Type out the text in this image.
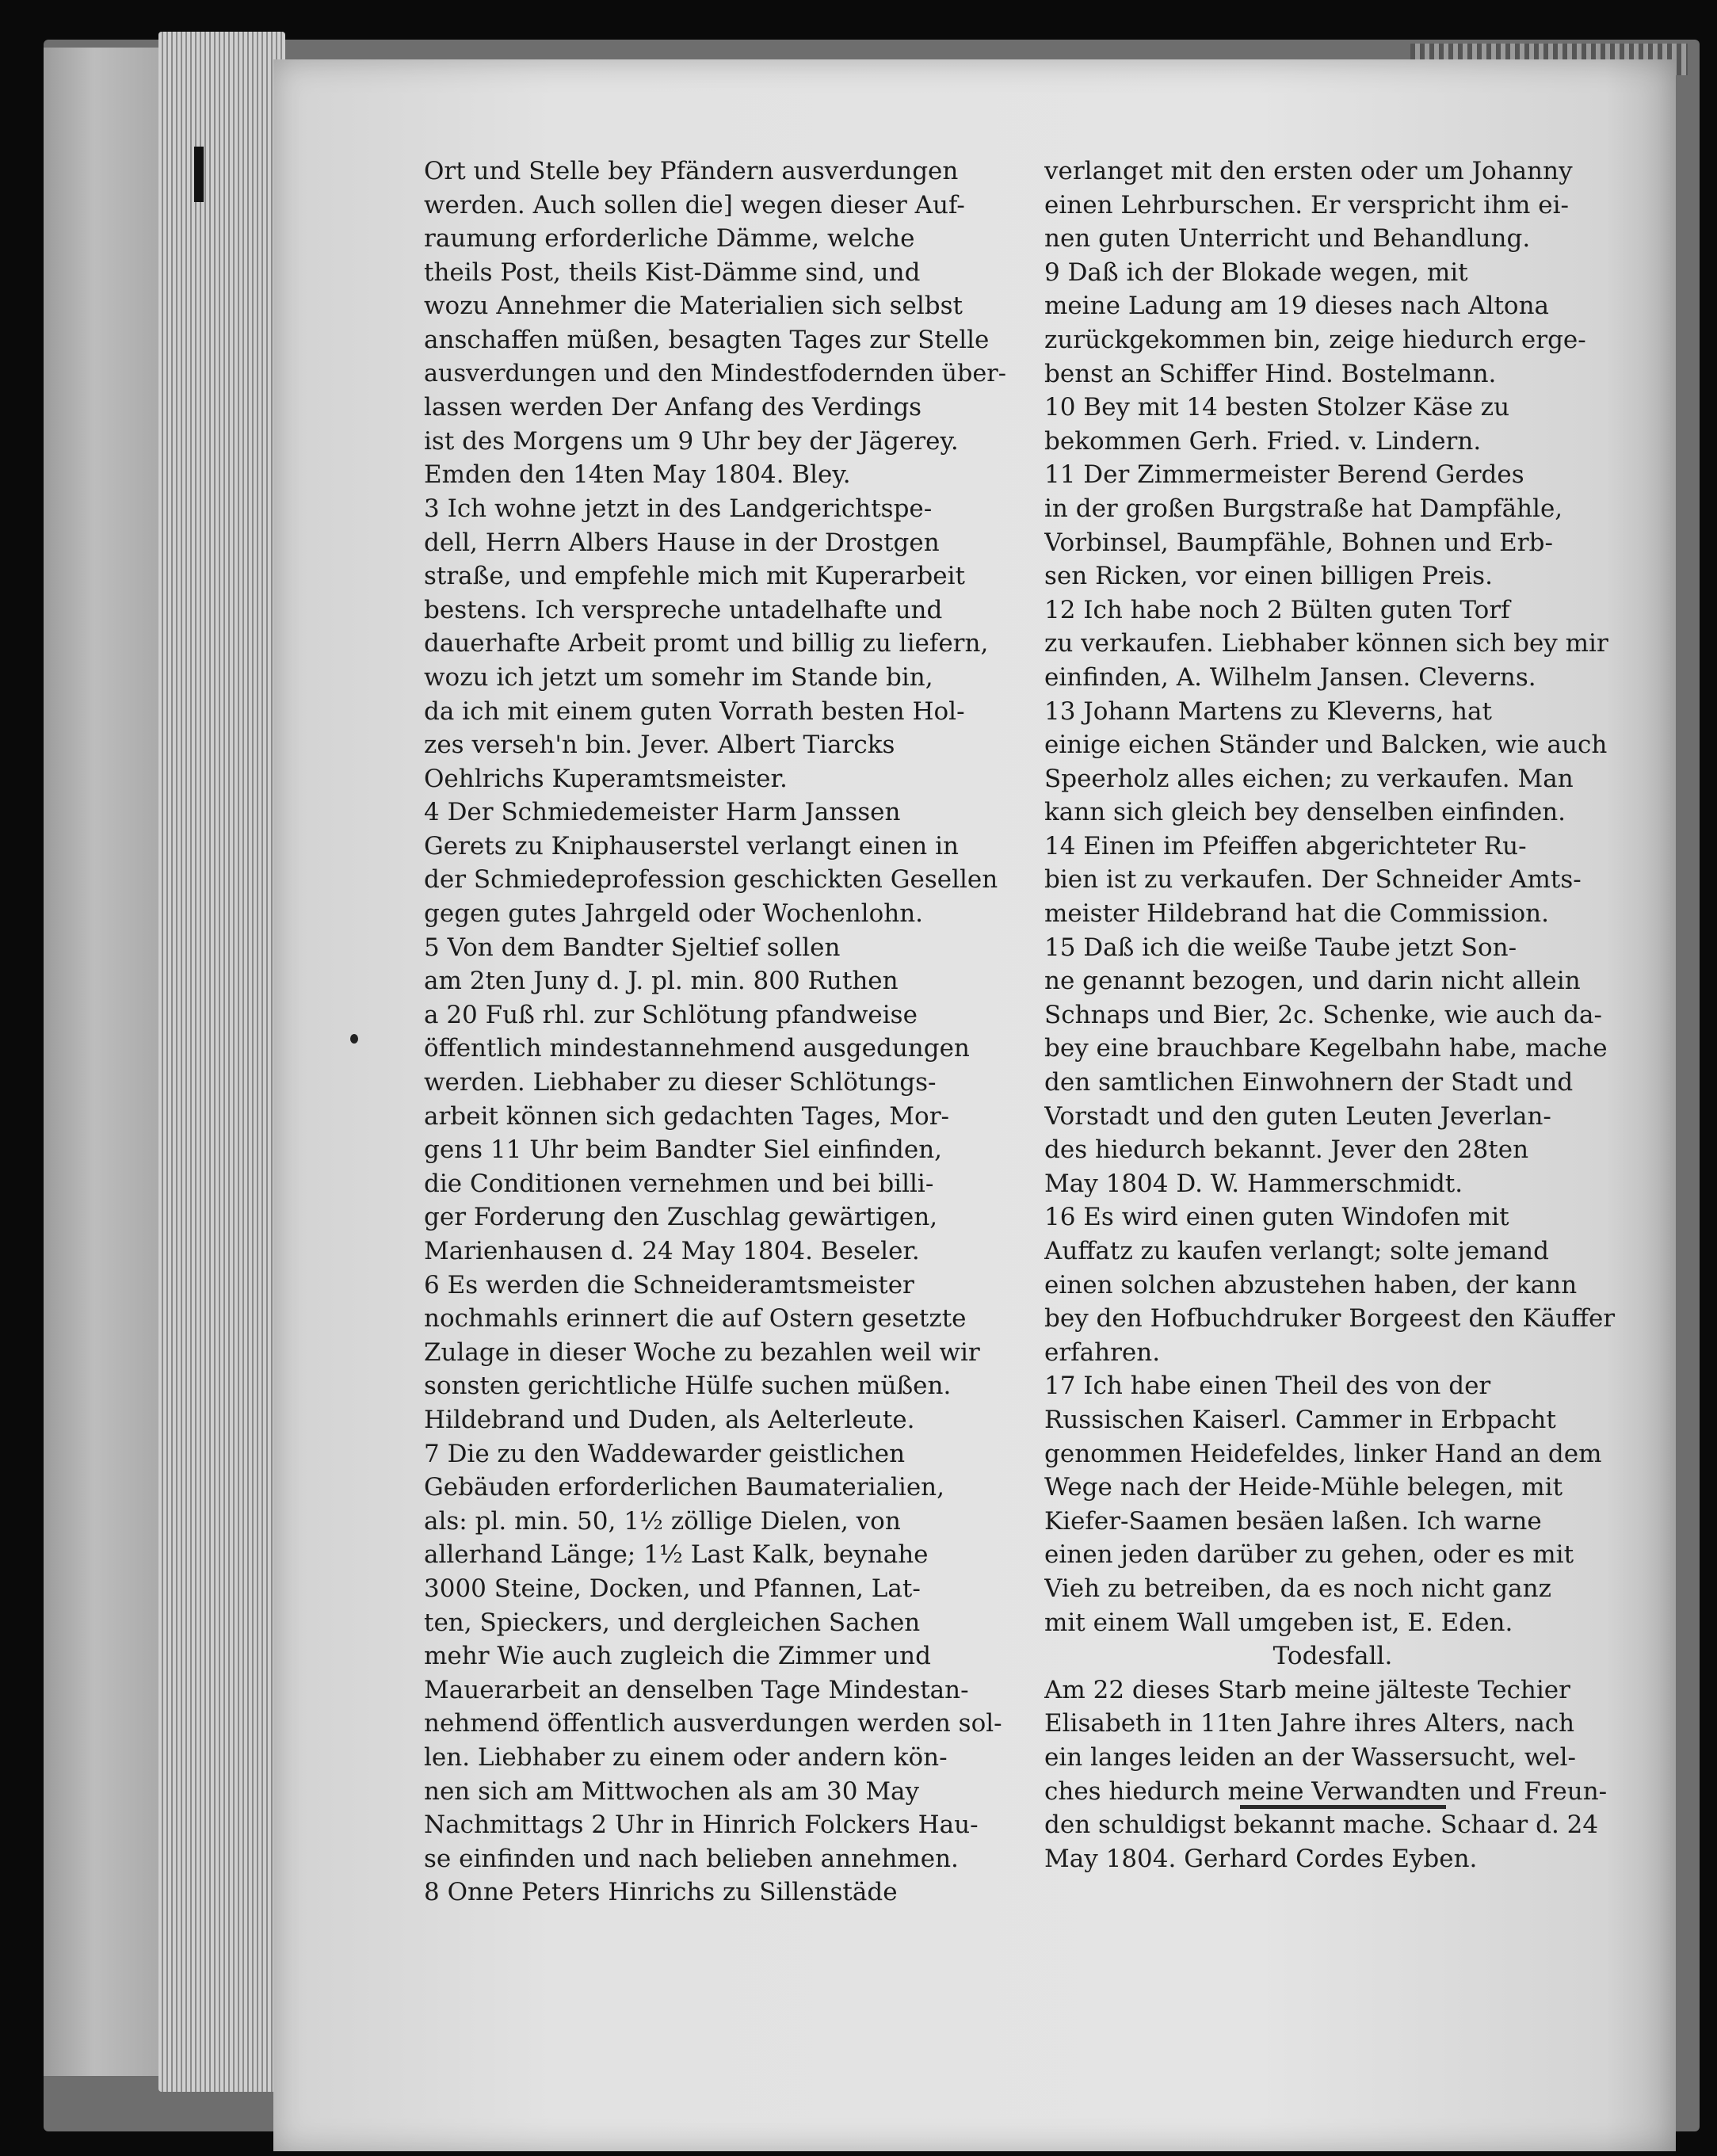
Ort und Stelle bey Pfändern ausverdungen
werden. Auch sollen die] wegen dieser Auf-
raumung erforderliche Dämme, welche
theils Post, theils Kist-Dämme sind, und
wozu Annehmer die Materialien sich selbst
anschaffen müßen, besagten Tages zur Stelle
ausverdungen und den Mindestfodernden über-
lassen werden Der Anfang des Verdings
ist des Morgens um 9 Uhr bey der Jägerey.
Emden den 14ten May 1804. Bley.
3 Ich wohne jetzt in des Landgerichtspe-
dell, Herrn Albers Hause in der Drostgen
straße, und empfehle mich mit Kuperarbeit
bestens. Ich verspreche untadelhafte und
dauerhafte Arbeit promt und billig zu liefern,
wozu ich jetzt um somehr im Stande bin,
da ich mit einem guten Vorrath besten Hol-
zes verseh'n bin. Jever. Albert Tiarcks
Oehlrichs Kuperamtsmeister.
4 Der Schmiedemeister Harm Janssen
Gerets zu Kniphauserstel verlangt einen in
der Schmiedeprofession geschickten Gesellen
gegen gutes Jahrgeld oder Wochenlohn.
5 Von dem Bandter Sjeltief sollen
am 2ten Juny d. J. pl. min. 800 Ruthen
a 20 Fuß rhl. zur Schlötung pfandweise
öffentlich mindestannehmend ausgedungen
werden. Liebhaber zu dieser Schlötungs-
arbeit können sich gedachten Tages, Mor-
gens 11 Uhr beim Bandter Siel einfinden,
die Conditionen vernehmen und bei billi-
ger Forderung den Zuschlag gewärtigen,
Marienhausen d. 24 May 1804. Beseler.
6 Es werden die Schneideramtsmeister
nochmahls erinnert die auf Ostern gesetzte
Zulage in dieser Woche zu bezahlen weil wir
sonsten gerichtliche Hülfe suchen müßen.
Hildebrand und Duden, als Aelterleute.
7 Die zu den Waddewarder geistlichen
Gebäuden erforderlichen Baumaterialien,
als: pl. min. 50, 1½ zöllige Dielen, von
allerhand Länge; 1½ Last Kalk, beynahe
3000 Steine, Docken, und Pfannen, Lat-
ten, Spieckers, und dergleichen Sachen
mehr Wie auch zugleich die Zimmer und
Mauerarbeit an denselben Tage Mindestan-
nehmend öffentlich ausverdungen werden sol-
len. Liebhaber zu einem oder andern kön-
nen sich am Mittwochen als am 30 May
Nachmittags 2 Uhr in Hinrich Folckers Hau-
se einfinden und nach belieben annehmen.
8 Onne Peters Hinrichs zu Sillenstäde
verlanget mit den ersten oder um Johanny
einen Lehrburschen. Er verspricht ihm ei-
nen guten Unterricht und Behandlung.
9 Daß ich der Blokade wegen, mit
meine Ladung am 19 dieses nach Altona
zurückgekommen bin, zeige hiedurch erge-
benst an Schiffer Hind. Bostelmann.
10 Bey mit 14 besten Stolzer Käse zu
bekommen Gerh. Fried. v. Lindern.
11 Der Zimmermeister Berend Gerdes
in der großen Burgstraße hat Dampfähle,
Vorbinsel, Baumpfähle, Bohnen und Erb-
sen Ricken, vor einen billigen Preis.
12 Ich habe noch 2 Bülten guten Torf
zu verkaufen. Liebhaber können sich bey mir
einfinden, A. Wilhelm Jansen. Cleverns.
13 Johann Martens zu Kleverns, hat
einige eichen Ständer und Balcken, wie auch
Speerholz alles eichen; zu verkaufen. Man
kann sich gleich bey denselben einfinden.
14 Einen im Pfeiffen abgerichteter Ru-
bien ist zu verkaufen. Der Schneider Amts-
meister Hildebrand hat die Commission.
15 Daß ich die weiße Taube jetzt Son-
ne genannt bezogen, und darin nicht allein
Schnaps und Bier, 2c. Schenke, wie auch da-
bey eine brauchbare Kegelbahn habe, mache
den samtlichen Einwohnern der Stadt und
Vorstadt und den guten Leuten Jeverlan-
des hiedurch bekannt. Jever den 28ten
May 1804 D. W. Hammerschmidt.
16 Es wird einen guten Windofen mit
Auffatz zu kaufen verlangt; solte jemand
einen solchen abzustehen haben, der kann
bey den Hofbuchdruker Borgeest den Käuffer
erfahren.
17 Ich habe einen Theil des von der
Russischen Kaiserl. Cammer in Erbpacht
genommen Heidefeldes, linker Hand an dem
Wege nach der Heide-Mühle belegen, mit
Kiefer-Saamen besäen laßen. Ich warne
einen jeden darüber zu gehen, oder es mit
Vieh zu betreiben, da es noch nicht ganz
mit einem Wall umgeben ist, E. Eden.
Todesfall.
Am 22 dieses Starb meine jälteste Techier
Elisabeth in 11ten Jahre ihres Alters, nach
ein langes leiden an der Wassersucht, wel-
ches hiedurch meine Verwandten und Freun-
den schuldigst bekannt mache. Schaar d. 24
May 1804. Gerhard Cordes Eyben.
